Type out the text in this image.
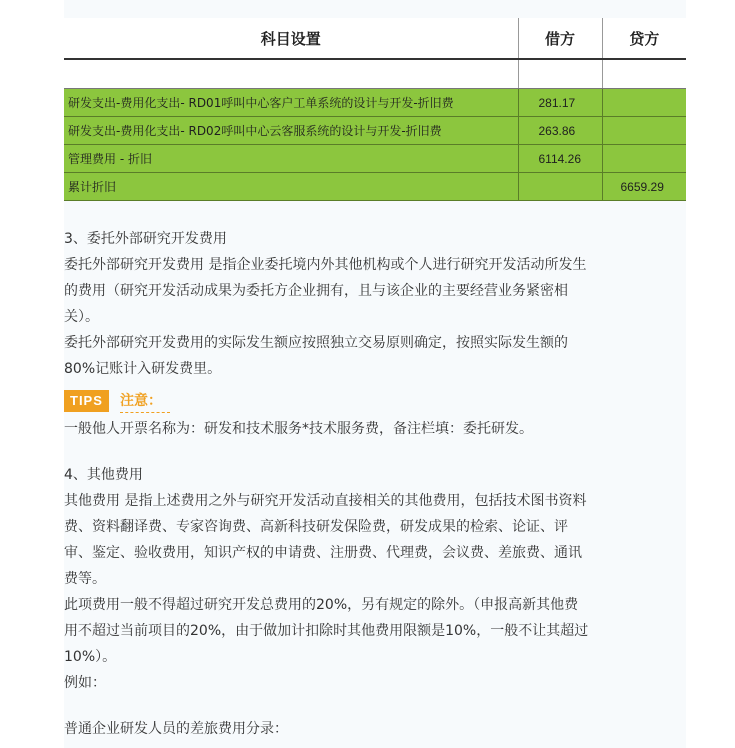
科目设置	借方	贷方

研发支出-费用化支出- RD01呼叫中心客户工单系统的设计与开发-折旧费	281.17	
研发支出-费用化支出- RD02呼叫中心云客服系统的设计与开发-折旧费	263.86	
管理费用 - 折旧	6114.26	
累计折旧		6659.29

3、委托外部研究开发费用

委托外部研究开发费用 是指企业委托境内外其他机构或个人进行研究开发活动所发生

的费用（研究开发活动成果为委托方企业拥有，且与该企业的主要经营业务紧密相

关）。

委托外部研究开发费用的实际发生额应按照独立交易原则确定，按照实际发生额的

80%记账计入研发费里。

TIPS	注意：

一般他人开票名称为：研发和技术服务*技术服务费，备注栏填：委托研发。

4、其他费用

其他费用 是指上述费用之外与研究开发活动直接相关的其他费用，包括技术图书资料

费、资料翻译费、专家咨询费、高新科技研发保险费，研发成果的检索、论证、评

审、鉴定、验收费用，知识产权的申请费、注册费、代理费，会议费、差旅费、通讯

费等。

此项费用一般不得超过研究开发总费用的20%，另有规定的除外。（申报高新其他费

用不超过当前项目的20%，由于做加计扣除时其他费用限额是10%，一般不让其超过

10%）。

例如：

普通企业研发人员的差旅费用分录：
